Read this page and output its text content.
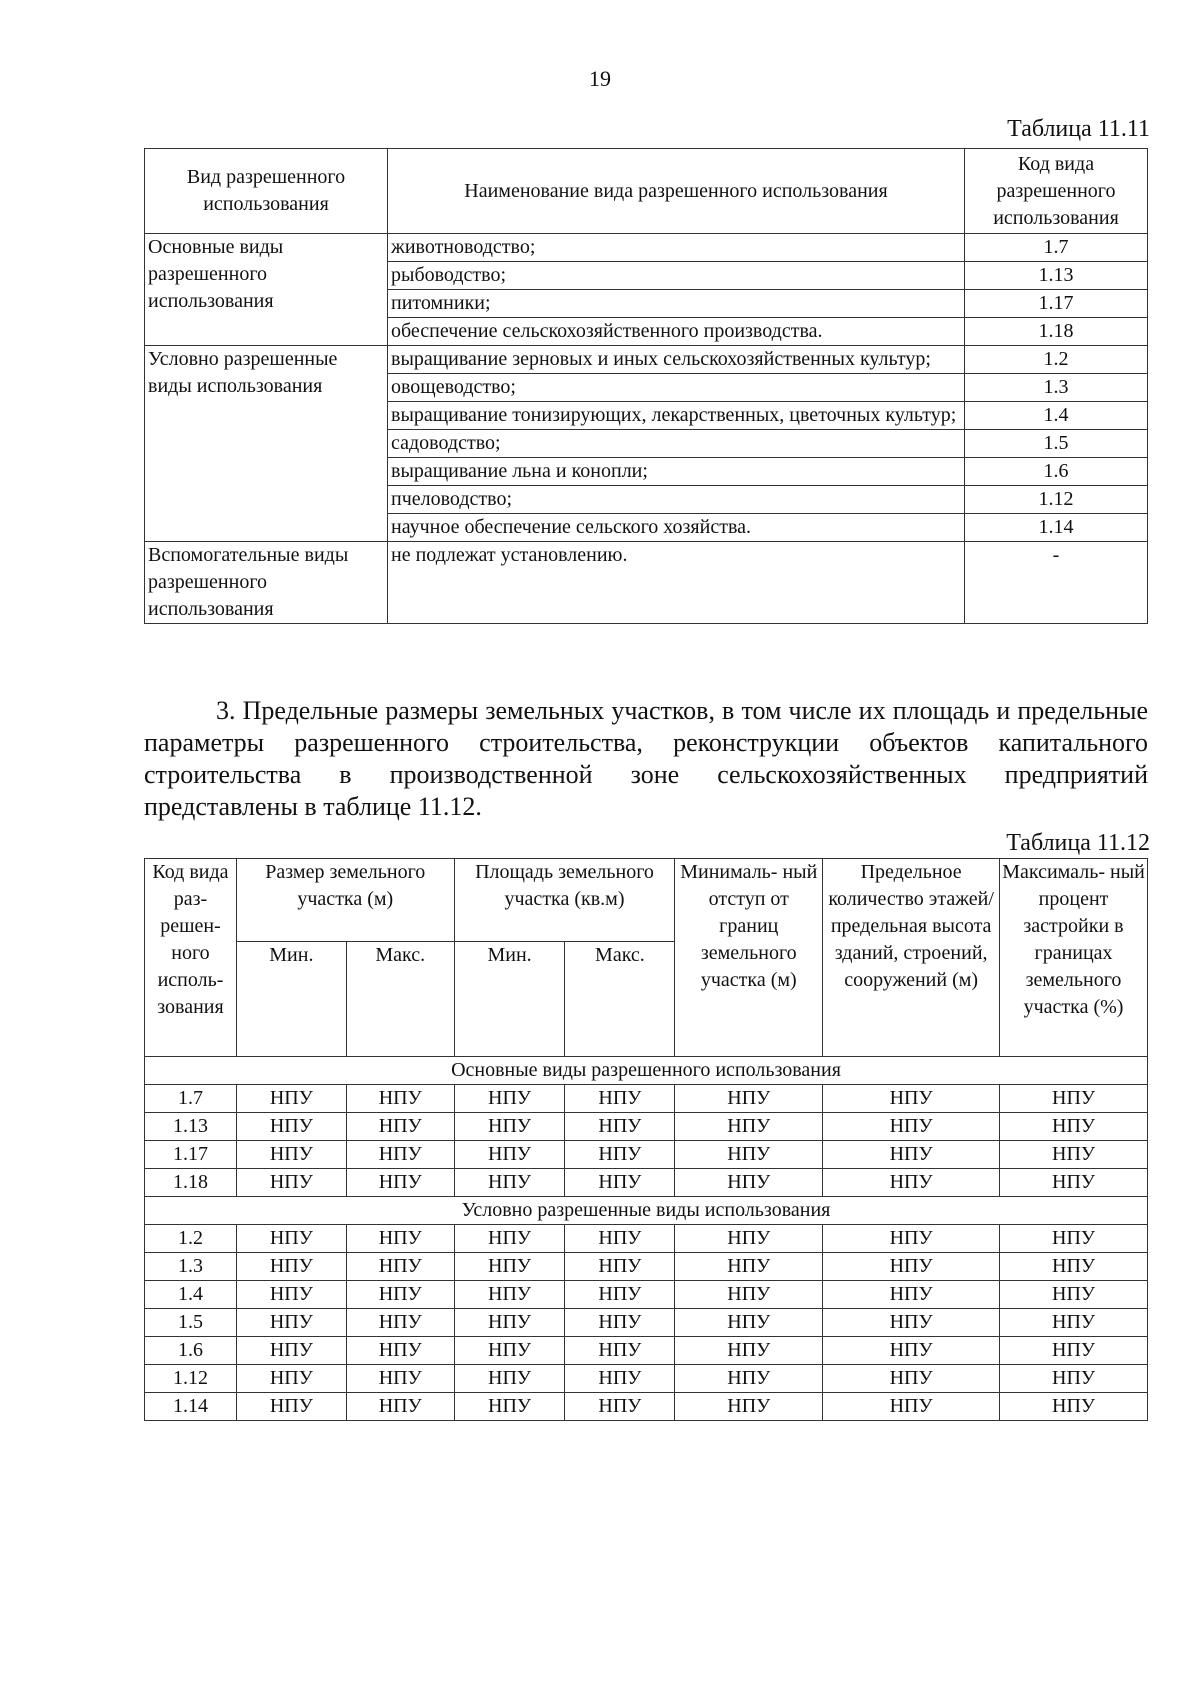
19
Таблица 11.11
Вид разрешенного использования	Наименование вида разрешенного использования	Код вида разрешенного использования
Основные виды разрешенного использования	животноводство;	1.7
	рыбоводство;	1.13
	питомники;	1.17
	обеспечение сельскохозяйственного производства.	1.18
Условно разрешенные виды использования	выращивание зерновых и иных сельскохозяйственных культур;	1.2
	овощеводство;	1.3
	выращивание тонизирующих, лекарственных, цветочных культур;	1.4
	садоводство;	1.5
	выращивание льна и конопли;	1.6
	пчеловодство;	1.12
	научное обеспечение сельского хозяйства.	1.14
Вспомогательные виды разрешенного использования	не подлежат установлению.	-
3. Предельные размеры земельных участков, в том числе их площадь и предельные параметры разрешенного строительства, реконструкции объектов капитального строительства в производственной зоне сельскохозяйственных предприятий представлены в таблице 11.12.
Таблица 11.12
Код вида раз- решен- ного исполь- зования	Размер земельного участка (м)		Площадь земельного участка (кв.м)		Минималь- ный отступ от границ земельного участка (м)	Предельное количество этажей/ предельная высота зданий, строений, сооружений (м)	Максималь- ный процент застройки в границах земельного участка (%)
	Мин.	Макс.	Мин.	Макс.			
Основные виды разрешенного использования							
1.7	НПУ	НПУ	НПУ	НПУ	НПУ	НПУ	НПУ
1.13	НПУ	НПУ	НПУ	НПУ	НПУ	НПУ	НПУ
1.17	НПУ	НПУ	НПУ	НПУ	НПУ	НПУ	НПУ
1.18	НПУ	НПУ	НПУ	НПУ	НПУ	НПУ	НПУ
Условно разрешенные виды использования							
1.2	НПУ	НПУ	НПУ	НПУ	НПУ	НПУ	НПУ
1.3	НПУ	НПУ	НПУ	НПУ	НПУ	НПУ	НПУ
1.4	НПУ	НПУ	НПУ	НПУ	НПУ	НПУ	НПУ
1.5	НПУ	НПУ	НПУ	НПУ	НПУ	НПУ	НПУ
1.6	НПУ	НПУ	НПУ	НПУ	НПУ	НПУ	НПУ
1.12	НПУ	НПУ	НПУ	НПУ	НПУ	НПУ	НПУ
1.14	НПУ	НПУ	НПУ	НПУ	НПУ	НПУ	НПУ
